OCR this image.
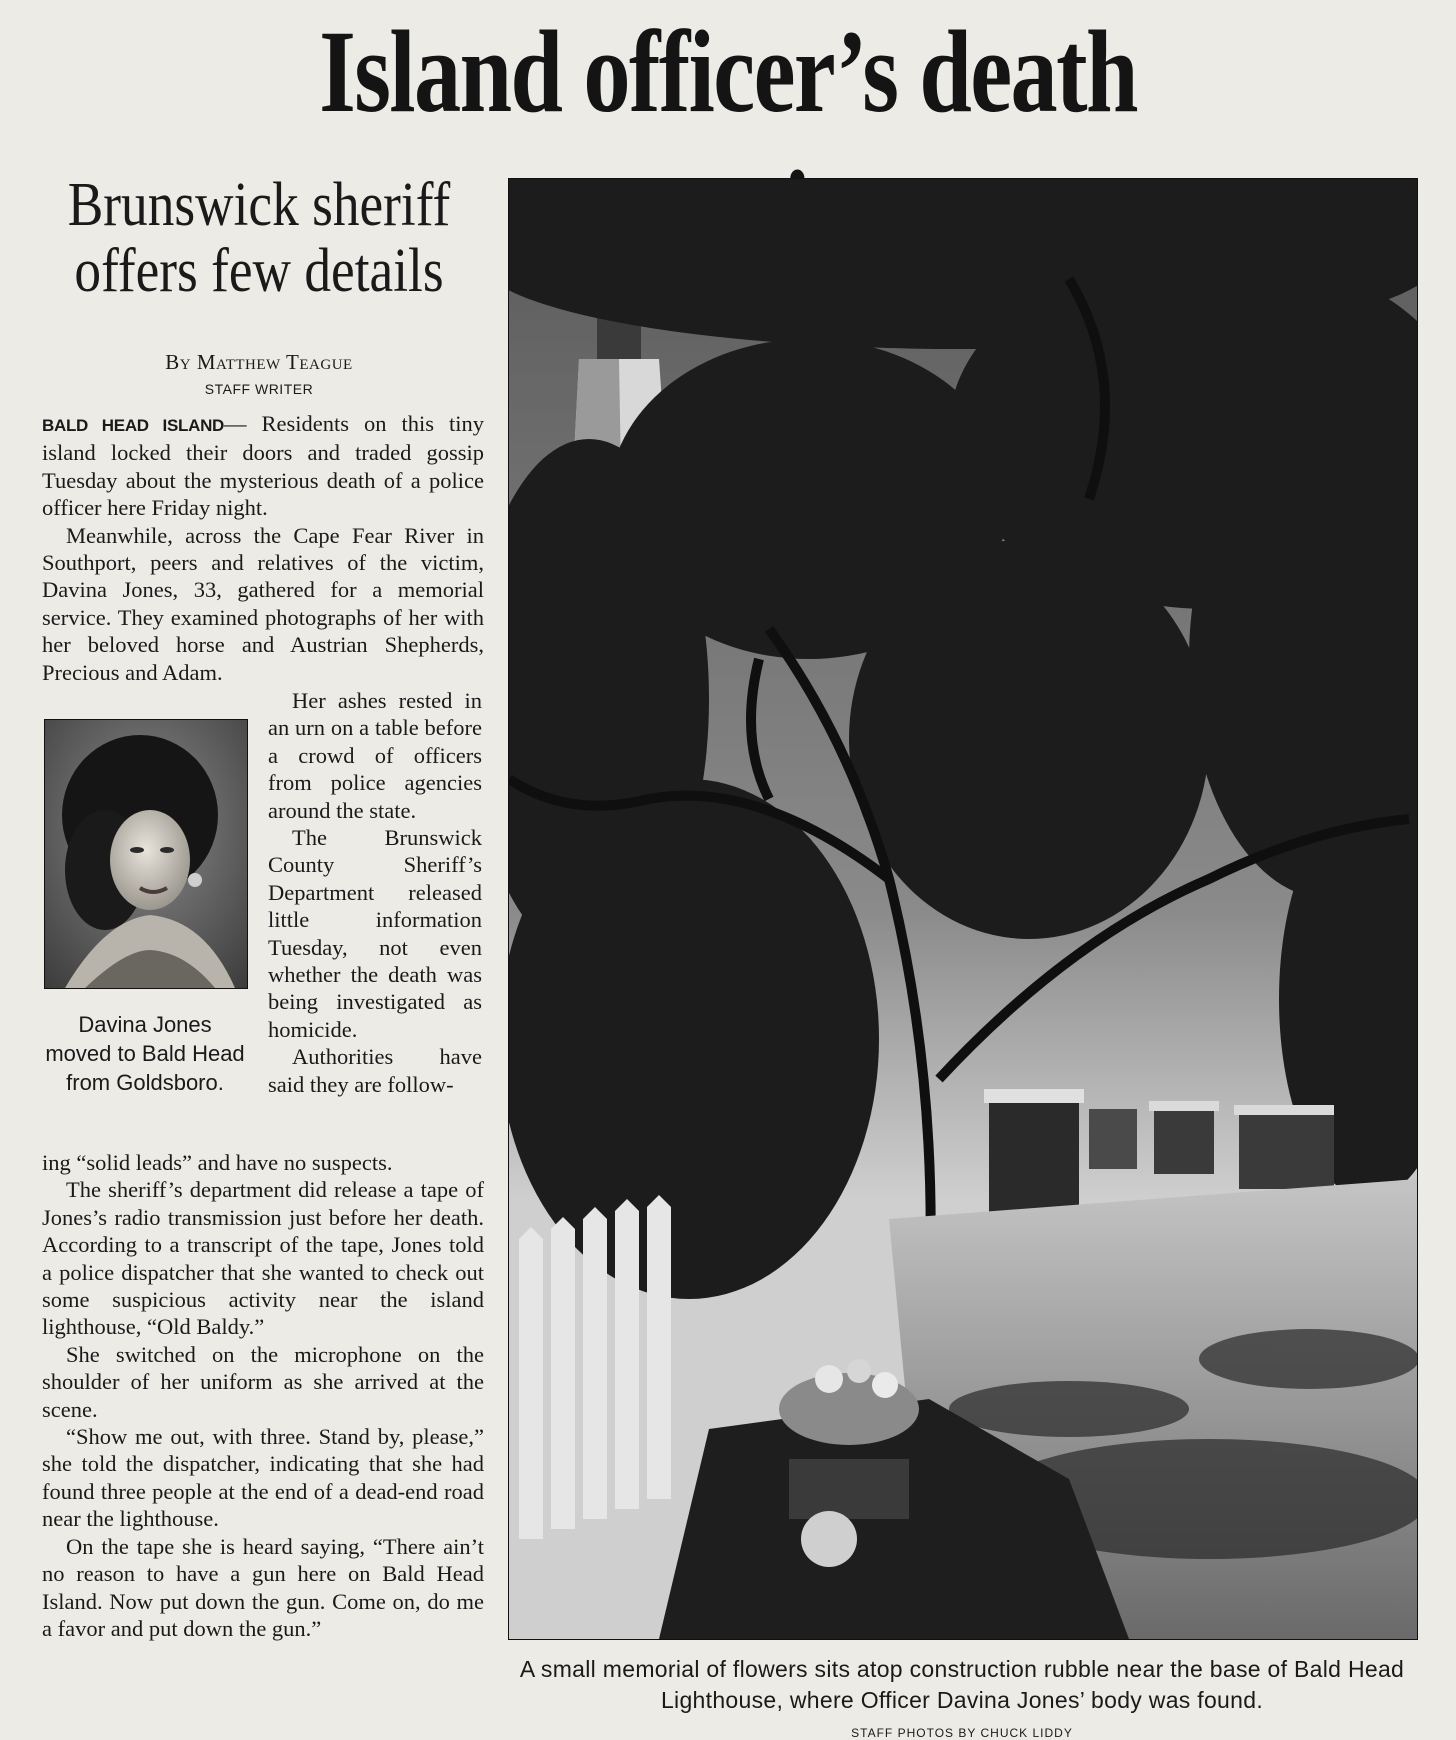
Island officer’s death
Brunswick sheriff offers few details
By Matthew Teague
STAFF WRITER

BALD HEAD ISLAND— Residents on this tiny island locked their doors and traded gossip Tuesday about the mysterious death of a police officer here Friday night.

Meanwhile, across the Cape Fear River in Southport, peers and relatives of the victim, Davina Jones, 33, gathered for a memorial service. They examined photographs of her with her beloved horse and Austrian Shepherds, Precious and Adam.

Her ashes rested in an urn on a table before a crowd of officers from police agencies around the state.

The Brunswick County Sheriff’s Department released little information Tuesday, not even whether the death was being investigated as homicide.

Authorities have said they are follow-

Davina Jones moved to Bald Head from Goldsboro.

ing “solid leads” and have no suspects.

The sheriff’s department did release a tape of Jones’s radio transmission just before her death. According to a transcript of the tape, Jones told a police dispatcher that she wanted to check out some suspicious activity near the island lighthouse, “Old Baldy.”

She switched on the microphone on the shoulder of her uniform as she arrived at the scene.

“Show me out, with three. Stand by, please,” she told the dispatcher, indicating that she had found three people at the end of a dead-end road near the lighthouse.

On the tape she is heard saying, “There ain’t no reason to have a gun here on Bald Head Island. Now put down the gun. Come on, do me a favor and put down the gun.”

A small memorial of flowers sits atop construction rubble near the base of Bald Head Lighthouse, where Officer Davina Jones’ body was found.
STAFF PHOTOS BY CHUCK LIDDY
